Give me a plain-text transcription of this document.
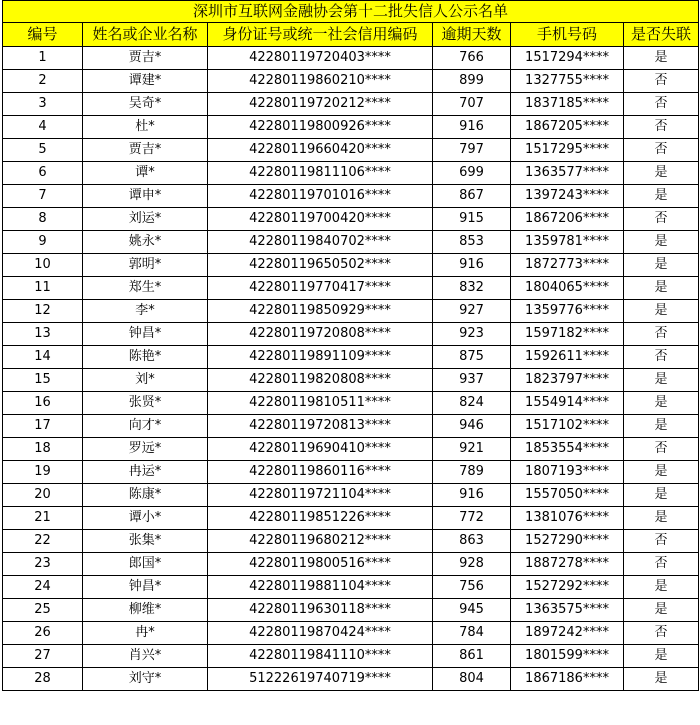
深圳市互联网金融协会第十二批失信人公示名单					
编号	姓名或企业名称	身份证号或统一社会信用编码	逾期天数	手机号码	是否失联
1	贾吉*	42280119720403****	766	1517294****	是
2	谭建*	42280119860210****	899	1327755****	否
3	吴奇*	42280119720212****	707	1837185****	否
4	杜*	42280119800926****	916	1867205****	否
5	贾吉*	42280119660420****	797	1517295****	否
6	谭*	42280119811106****	699	1363577****	是
7	谭申*	42280119701016****	867	1397243****	是
8	刘运*	42280119700420****	915	1867206****	否
9	姚永*	42280119840702****	853	1359781****	是
10	郭明*	42280119650502****	916	1872773****	是
11	郑生*	42280119770417****	832	1804065****	是
12	李*	42280119850929****	927	1359776****	是
13	钟昌*	42280119720808****	923	1597182****	否
14	陈艳*	42280119891109****	875	1592611****	否
15	刘*	42280119820808****	937	1823797****	是
16	张贤*	42280119810511****	824	1554914****	是
17	向才*	42280119720813****	946	1517102****	是
18	罗远*	42280119690410****	921	1853554****	否
19	冉运*	42280119860116****	789	1807193****	是
20	陈康*	42280119721104****	916	1557050****	是
21	谭小*	42280119851226****	772	1381076****	是
22	张集*	42280119680212****	863	1527290****	否
23	郎国*	42280119800516****	928	1887278****	否
24	钟昌*	42280119881104****	756	1527292****	是
25	柳维*	42280119630118****	945	1363575****	是
26	冉*	42280119870424****	784	1897242****	否
27	肖兴*	42280119841110****	861	1801599****	是
28	刘守*	51222619740719****	804	1867186****	是
